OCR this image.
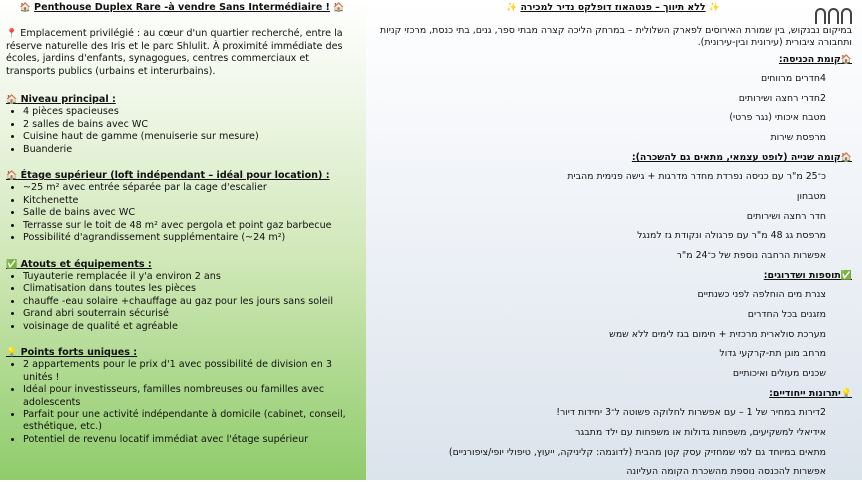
🏠 Penthouse Duplex Rare -à vendre Sans Intermédiaire ! 🏠

📍 Emplacement privilégié : au cœur d'un quartier recherché, entre la réserve naturelle des Iris et le parc Shlulit. À proximité immédiate des écoles, jardins d'enfants, synagogues, centres commerciaux et transports publics (urbains et interurbains).

🏠 Niveau principal :
• 4 pièces spacieuses
• 2 salles de bains avec WC
• Cuisine haut de gamme (menuiserie sur mesure)
• Buanderie
🏠 Étage supérieur (loft indépendant – idéal pour location) :
• ~25 m² avec entrée séparée par la cage d'escalier
• Kitchenette
• Salle de bains avec WC
• Terrasse sur le toit de 48 m² avec pergola et point gaz barbecue
• Possibilité d'agrandissement supplémentaire (~24 m²)
✅ Atouts et équipements :
• Tuyauterie remplacée il y'a environ 2 ans
• Climatisation dans toutes les pièces
• chauffe -eau solaire +chauffage au gaz pour les jours sans soleil
• Grand abri souterrain sécurisé
• voisinage de qualité et agréable
💡 Points forts uniques :
• 2 appartements pour le prix d'1 avec possibilité de division en 3 unités !
• Idéal pour investisseurs, familles nombreuses ou familles avec adolescents
• Parfait pour une activité indépendante à domicile (cabinet, conseil, esthétique, etc.)
• Potentiel de revenu locatif immédiat avec l'étage supérieur
✨ ללא תיווך – פנטהאוז דופלקס נדיר למכירה ✨

במיקום נבנקוש, בין שמורת האירוסים לפארק השלולית – במרחק הליכה קצרה מבתי ספר, גנים, בתי כנסת, מרכזי קניות ותחבורה ציבורית (עירונית ובין-עירונית).

🏠קומת הכניסה:
4חדרים מרווחים
2חדרי רחצה ושירותים
מטבח איכותי (נגר פרטי)
מרפסת שירות
🏠קומה שנייה (לופט עצמאי, מתאים גם להשכרה):
כ־25 מ"ר עם כניסה נפרדת מחדר מדרגות + גישה פנימית מהבית
מטבחון
חדר רחצה ושירותים
מרפסת גג 48 מ"ר עם פרגולה ונקודת גז למנגל
אפשרות הרחבה נוספת של כ־24 מ"ר
✅תוספות ושדרוגים:
צנרת מים הוחלפה לפני כשנתיים
מזגנים בכל החדרים
מערכת סולארית מרכזית + חימום בגז לימים ללא שמש
מרחב מוגן תת-קרקעי גדול
שכנים מעולים ואיכותיים
💡יתרונות ייחודיים:
2דירות במחיר של 1 – עם אפשרות לחלוקה פשוטה ל־3 יחידות דיור!
אידיאלי למשקיעים, משפחות גדולות או משפחות עם ילד מתבגר
מתאים במיוחד גם למי שמחזיק עסק קטן מהבית (לדוגמה: קליניקה, ייעוץ, טיפולי יופי/ציפורניים)
אפשרות להכנסה נוספת מהשכרת הקומה העליונה
